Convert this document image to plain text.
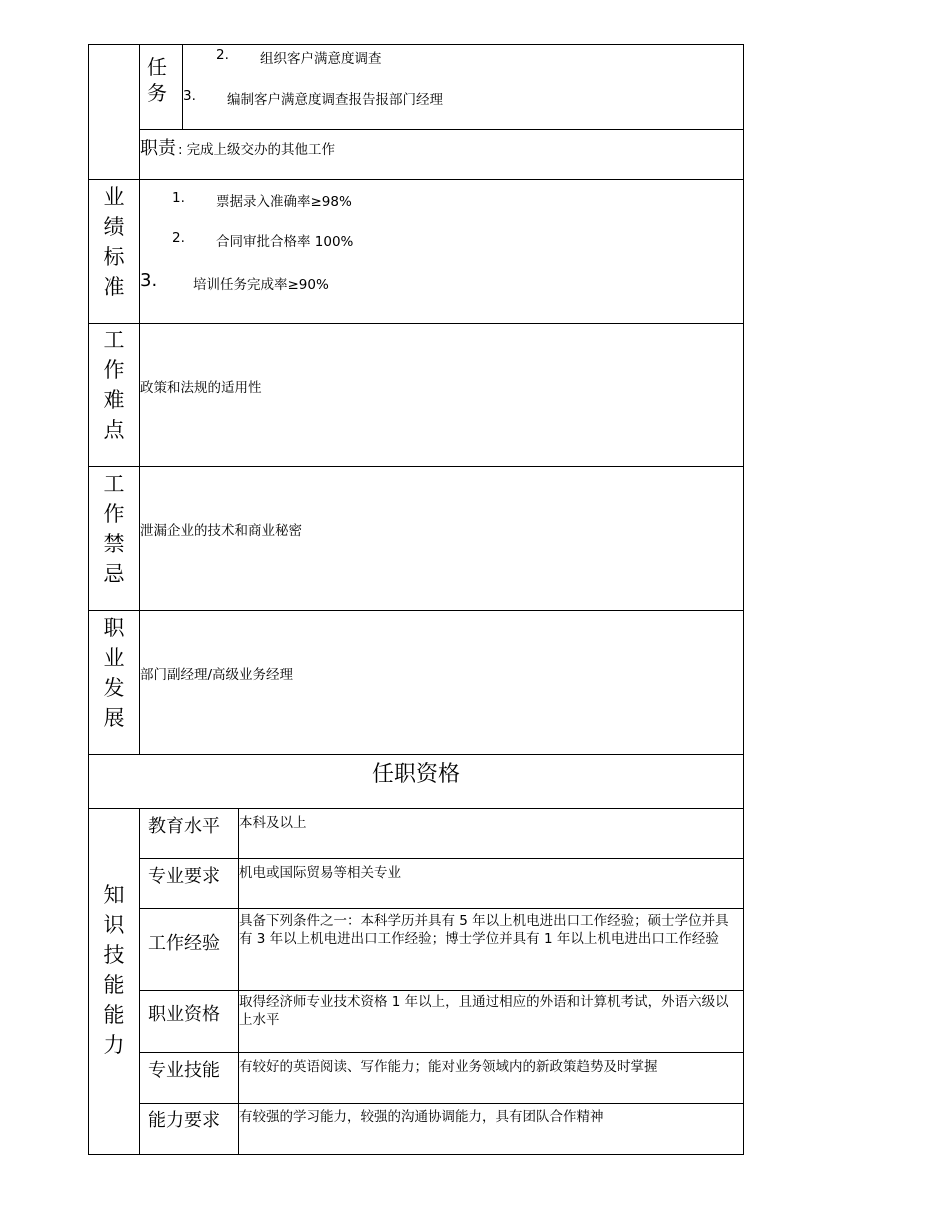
任
务
2. 组织客户满意度调查
3. 编制客户满意度调查报告报部门经理
职责 : 完成上级交办的其他工作
业
绩
标
准
1. 票据录入准确率≥98%
2. 合同审批合格率 100%
3.	培训任务完成率≥90%
工
作
难
点
政策和法规的适用性
工
作
禁
忌
泄漏企业的技术和商业秘密
职
业
发
展
部门副经理/高级业务经理
任职资格
知
识
技
能
能
力
教育水平 本科及以上
专业要求 机电或国际贸易等相关专业
工作经验
具备下列条件之一：本科学历并具有 5 年以上机电进出口工作经验；硕士学位并具有 3 年以上机电进出口工作经验；博士学位并具有 1 年以上机电进出口工作经验
职业资格
取得经济师专业技术资格 1 年以上，且通过相应的外语和计算机考试，外语六级以上水平
专业技能 有较好的英语阅读、写作能力；能对业务领域内的新政策趋势及时掌握
能力要求 有较强的学习能力，较强的沟通协调能力，具有团队合作精神
